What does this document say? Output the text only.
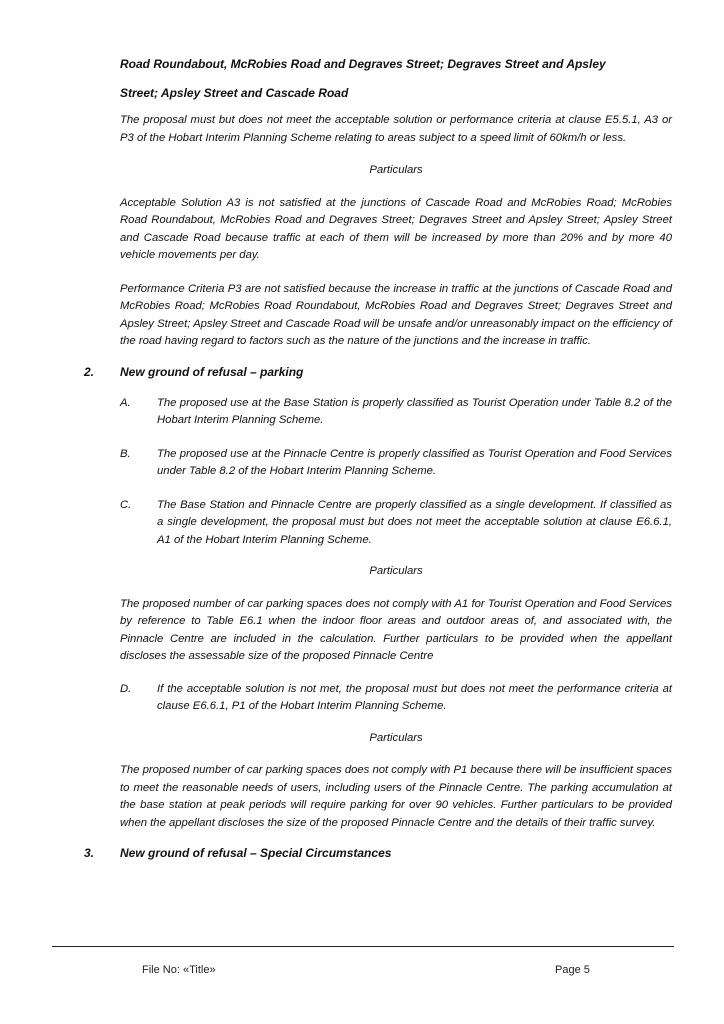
Road Roundabout, McRobies Road and Degraves Street; Degraves Street and Apsley

Street; Apsley Street and Cascade Road

The proposal must but does not meet the acceptable solution or performance criteria at clause E5.5.1, A3 or P3 of the Hobart Interim Planning Scheme relating to areas subject to a speed limit of 60km/h or less.

Particulars

Acceptable Solution A3 is not satisfied at the junctions of Cascade Road and McRobies Road; McRobies Road Roundabout, McRobies Road and Degraves Street; Degraves Street and Apsley Street; Apsley Street and Cascade Road because traffic at each of them will be increased by more than 20% and by more 40 vehicle movements per day.

Performance Criteria P3 are not satisfied because the increase in traffic at the junctions of Cascade Road and McRobies Road; McRobies Road Roundabout, McRobies Road and Degraves Street; Degraves Street and Apsley Street; Apsley Street and Cascade Road will be unsafe and/or unreasonably impact on the efficiency of the road having regard to factors such as the nature of the junctions and the increase in traffic.

2. New ground of refusal – parking
A. The proposed use at the Base Station is properly classified as Tourist Operation under Table 8.2 of the Hobart Interim Planning Scheme.
B. The proposed use at the Pinnacle Centre is properly classified as Tourist Operation and Food Services under Table 8.2 of the Hobart Interim Planning Scheme.
C. The Base Station and Pinnacle Centre are properly classified as a single development. If classified as a single development, the proposal must but does not meet the acceptable solution at clause E6.6.1, A1 of the Hobart Interim Planning Scheme.

Particulars

The proposed number of car parking spaces does not comply with A1 for Tourist Operation and Food Services by reference to Table E6.1 when the indoor floor areas and outdoor areas of, and associated with, the Pinnacle Centre are included in the calculation. Further particulars to be provided when the appellant discloses the assessable size of the proposed Pinnacle Centre

D. If the acceptable solution is not met, the proposal must but does not meet the performance criteria at clause E6.6.1, P1 of the Hobart Interim Planning Scheme.

Particulars

The proposed number of car parking spaces does not comply with P1 because there will be insufficient spaces to meet the reasonable needs of users, including users of the Pinnacle Centre. The parking accumulation at the base station at peak periods will require parking for over 90 vehicles. Further particulars to be provided when the appellant discloses the size of the proposed Pinnacle Centre and the details of their traffic survey.

3. New ground of refusal – Special Circumstances
File No: «Title»	Page 5
